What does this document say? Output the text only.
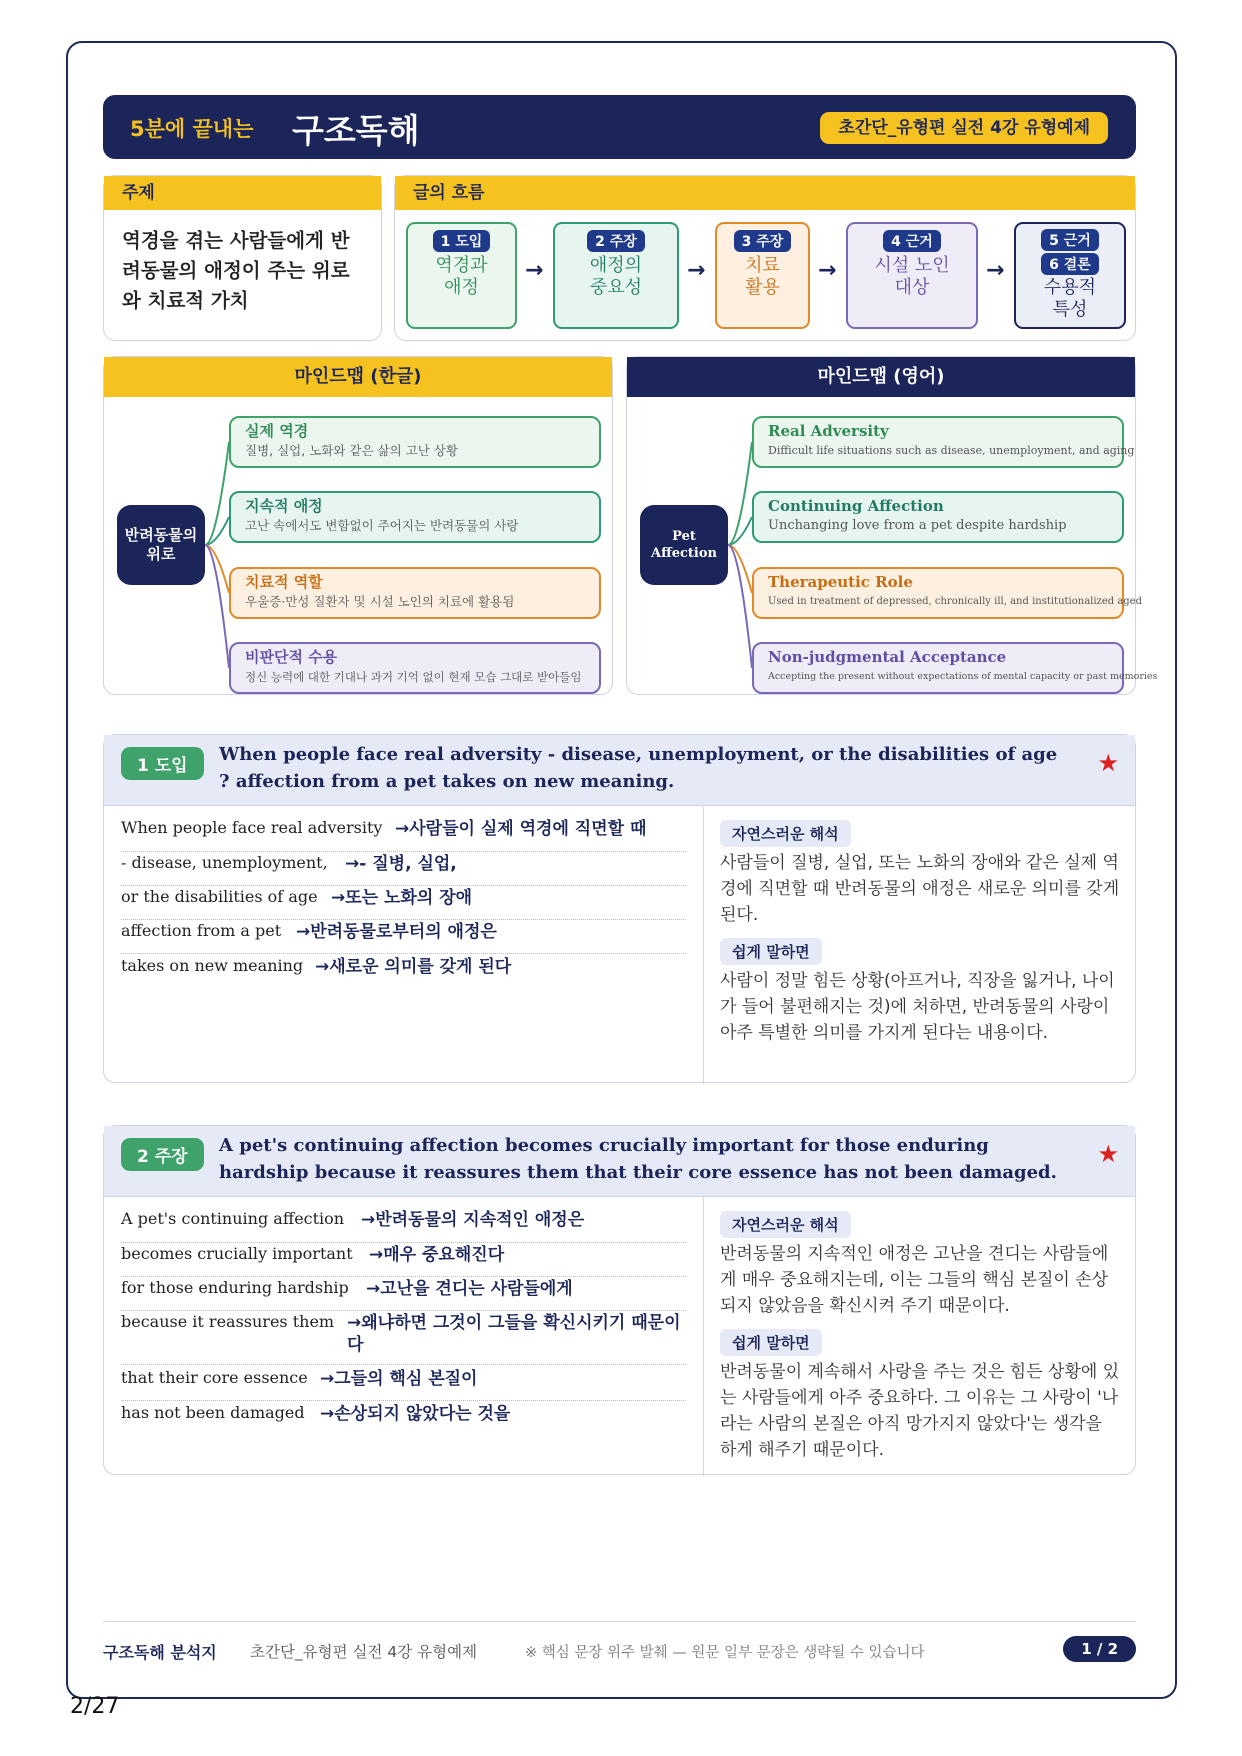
5분에 끝내는 구조독해	초간단_유형편 실전 4강 유형예제
주제
역경을 겪는 사람들에게 반려동물의 애정이 주는 위로와 치료적 가치
글의 흐름
1 도입
역경과
애정
→
2 주장
애정의
중요성
→
3 주장
치료
활용
→
4 근거
시설 노인
대상
→
5 근거
6 결론
수용적
특성
마인드맵 (한글)
반려동물의
위로
실제 역경
질병, 실업, 노화와 같은 삶의 고난 상황
지속적 애정
고난 속에서도 변함없이 주어지는 반려동물의 사랑
치료적 역할
우울증·만성 질환자 및 시설 노인의 치료에 활용됨
비판단적 수용
정신 능력에 대한 기대나 과거 기억 없이 현재 모습 그대로 받아들임
마인드맵 (영어)
Pet
Affection
Real Adversity
Difficult life situations such as disease, unemployment, and aging
Continuing Affection
Unchanging love from a pet despite hardship
Therapeutic Role
Used in treatment of depressed, chronically ill, and institutionalized aged
Non-judgmental Acceptance
Accepting the present without expectations of mental capacity or past memories
1 도입
When people face real adversity - disease, unemployment, or the disabilities of age ? affection from a pet takes on new meaning.
★
When people face real adversity →사람들이 실제 역경에 직면할 때
- disease, unemployment, →- 질병, 실업,
or the disabilities of age →또는 노화의 장애
affection from a pet →반려동물로부터의 애정은
takes on new meaning →새로운 의미를 갖게 된다
자연스러운 해석
사람들이 질병, 실업, 또는 노화의 장애와 같은 실제 역경에 직면할 때 반려동물의 애정은 새로운 의미를 갖게 된다.
쉽게 말하면
사람이 정말 힘든 상황(아프거나, 직장을 잃거나, 나이가 들어 불편해지는 것)에 처하면, 반려동물의 사랑이 아주 특별한 의미를 가지게 된다는 내용이다.
2 주장
A pet's continuing affection becomes crucially important for those enduring hardship because it reassures them that their core essence has not been damaged.
★
A pet's continuing affection →반려동물의 지속적인 애정은
becomes crucially important →매우 중요해진다
for those enduring hardship →고난을 견디는 사람들에게
because it reassures them →왜냐하면 그것이 그들을 확신시키기 때문이다
that their core essence →그들의 핵심 본질이
has not been damaged →손상되지 않았다는 것을
자연스러운 해석
반려동물의 지속적인 애정은 고난을 견디는 사람들에게 매우 중요해지는데, 이는 그들의 핵심 본질이 손상되지 않았음을 확신시켜 주기 때문이다.
쉽게 말하면
반려동물이 계속해서 사랑을 주는 것은 힘든 상황에 있는 사람들에게 아주 중요하다. 그 이유는 그 사랑이 '나라는 사람의 본질은 아직 망가지지 않았다'는 생각을 하게 해주기 때문이다.
구조독해 분석지 초간단_유형편 실전 4강 유형예제	※ 핵심 문장 위주 발췌 — 원문 일부 문장은 생략될 수 있습니다	1 / 2
2/27
